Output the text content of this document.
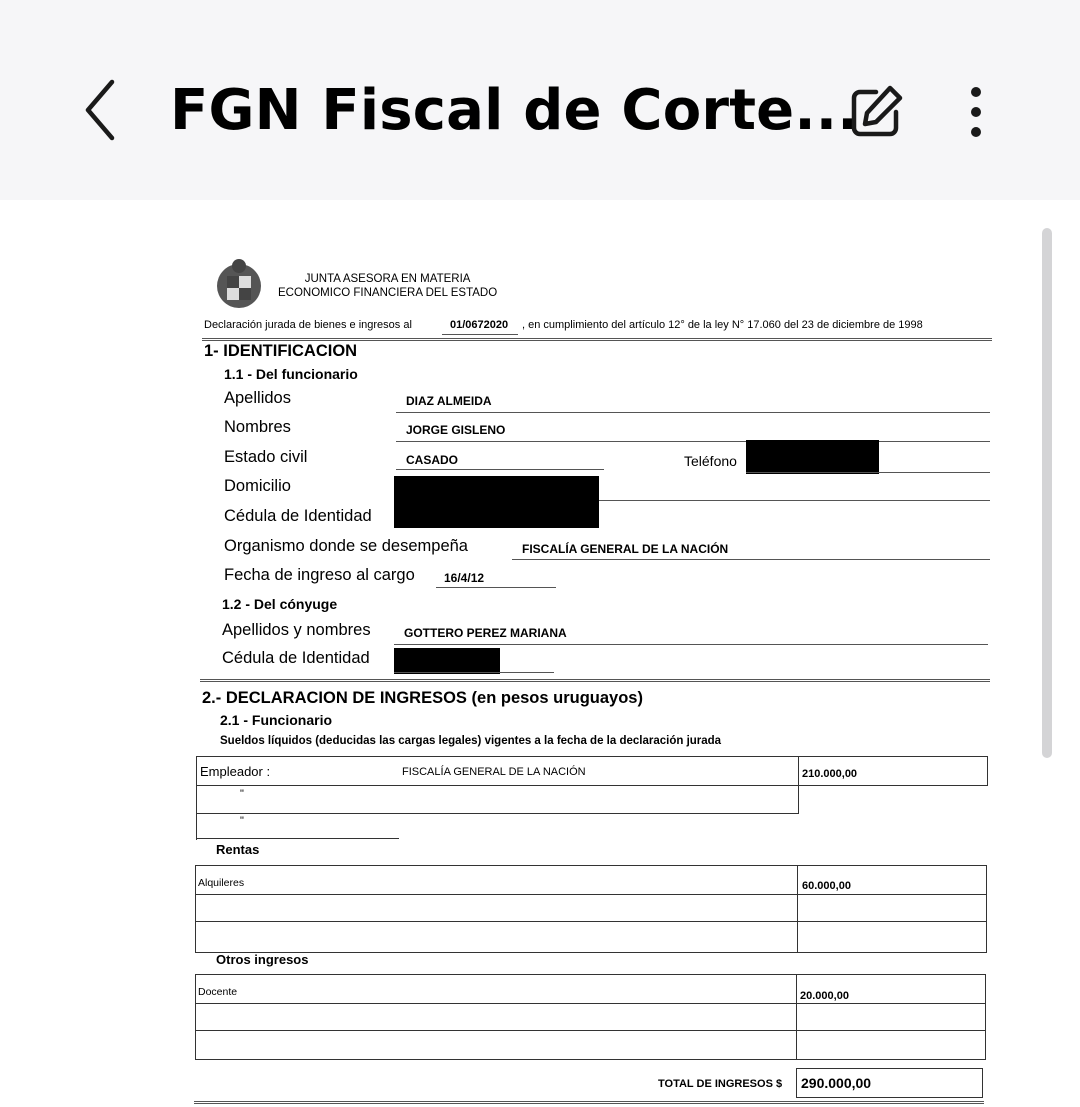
FGN Fiscal de Corte...
JUNTA ASESORA EN MATERIA
ECONOMICO FINANCIERA DEL ESTADO
Declaración jurada de bienes e ingresos al	01/0672020 , en cumplimiento del artículo 12° de la ley N° 17.060 del 23 de diciembre de 1998
1- IDENTIFICACION
1.1 - Del funcionario
Apellidos	DIAZ ALMEIDA
Nombres	JORGE GISLENO
Estado civil	CASADO	Teléfono
Domicilio
Cédula de Identidad
Organismo donde se desempeña	FISCALÍA GENERAL DE LA NACIÓN
Fecha de ingreso al cargo 16/4/12
1.2 - Del cónyuge
Apellidos y nombres	GOTTERO PEREZ MARIANA
Cédula de Identidad
2.- DECLARACION DE INGRESOS (en pesos uruguayos)
2.1 - Funcionario
Sueldos líquidos (deducidas las cargas legales) vigentes a la fecha de la declaración jurada
Empleador :	FISCALÍA GENERAL DE LA NACIÓN	210.000,00
"
"
Rentas
Alquileres	60.000,00
Otros ingresos
Docente	20.000,00
TOTAL DE INGRESOS $ 290.000,00
